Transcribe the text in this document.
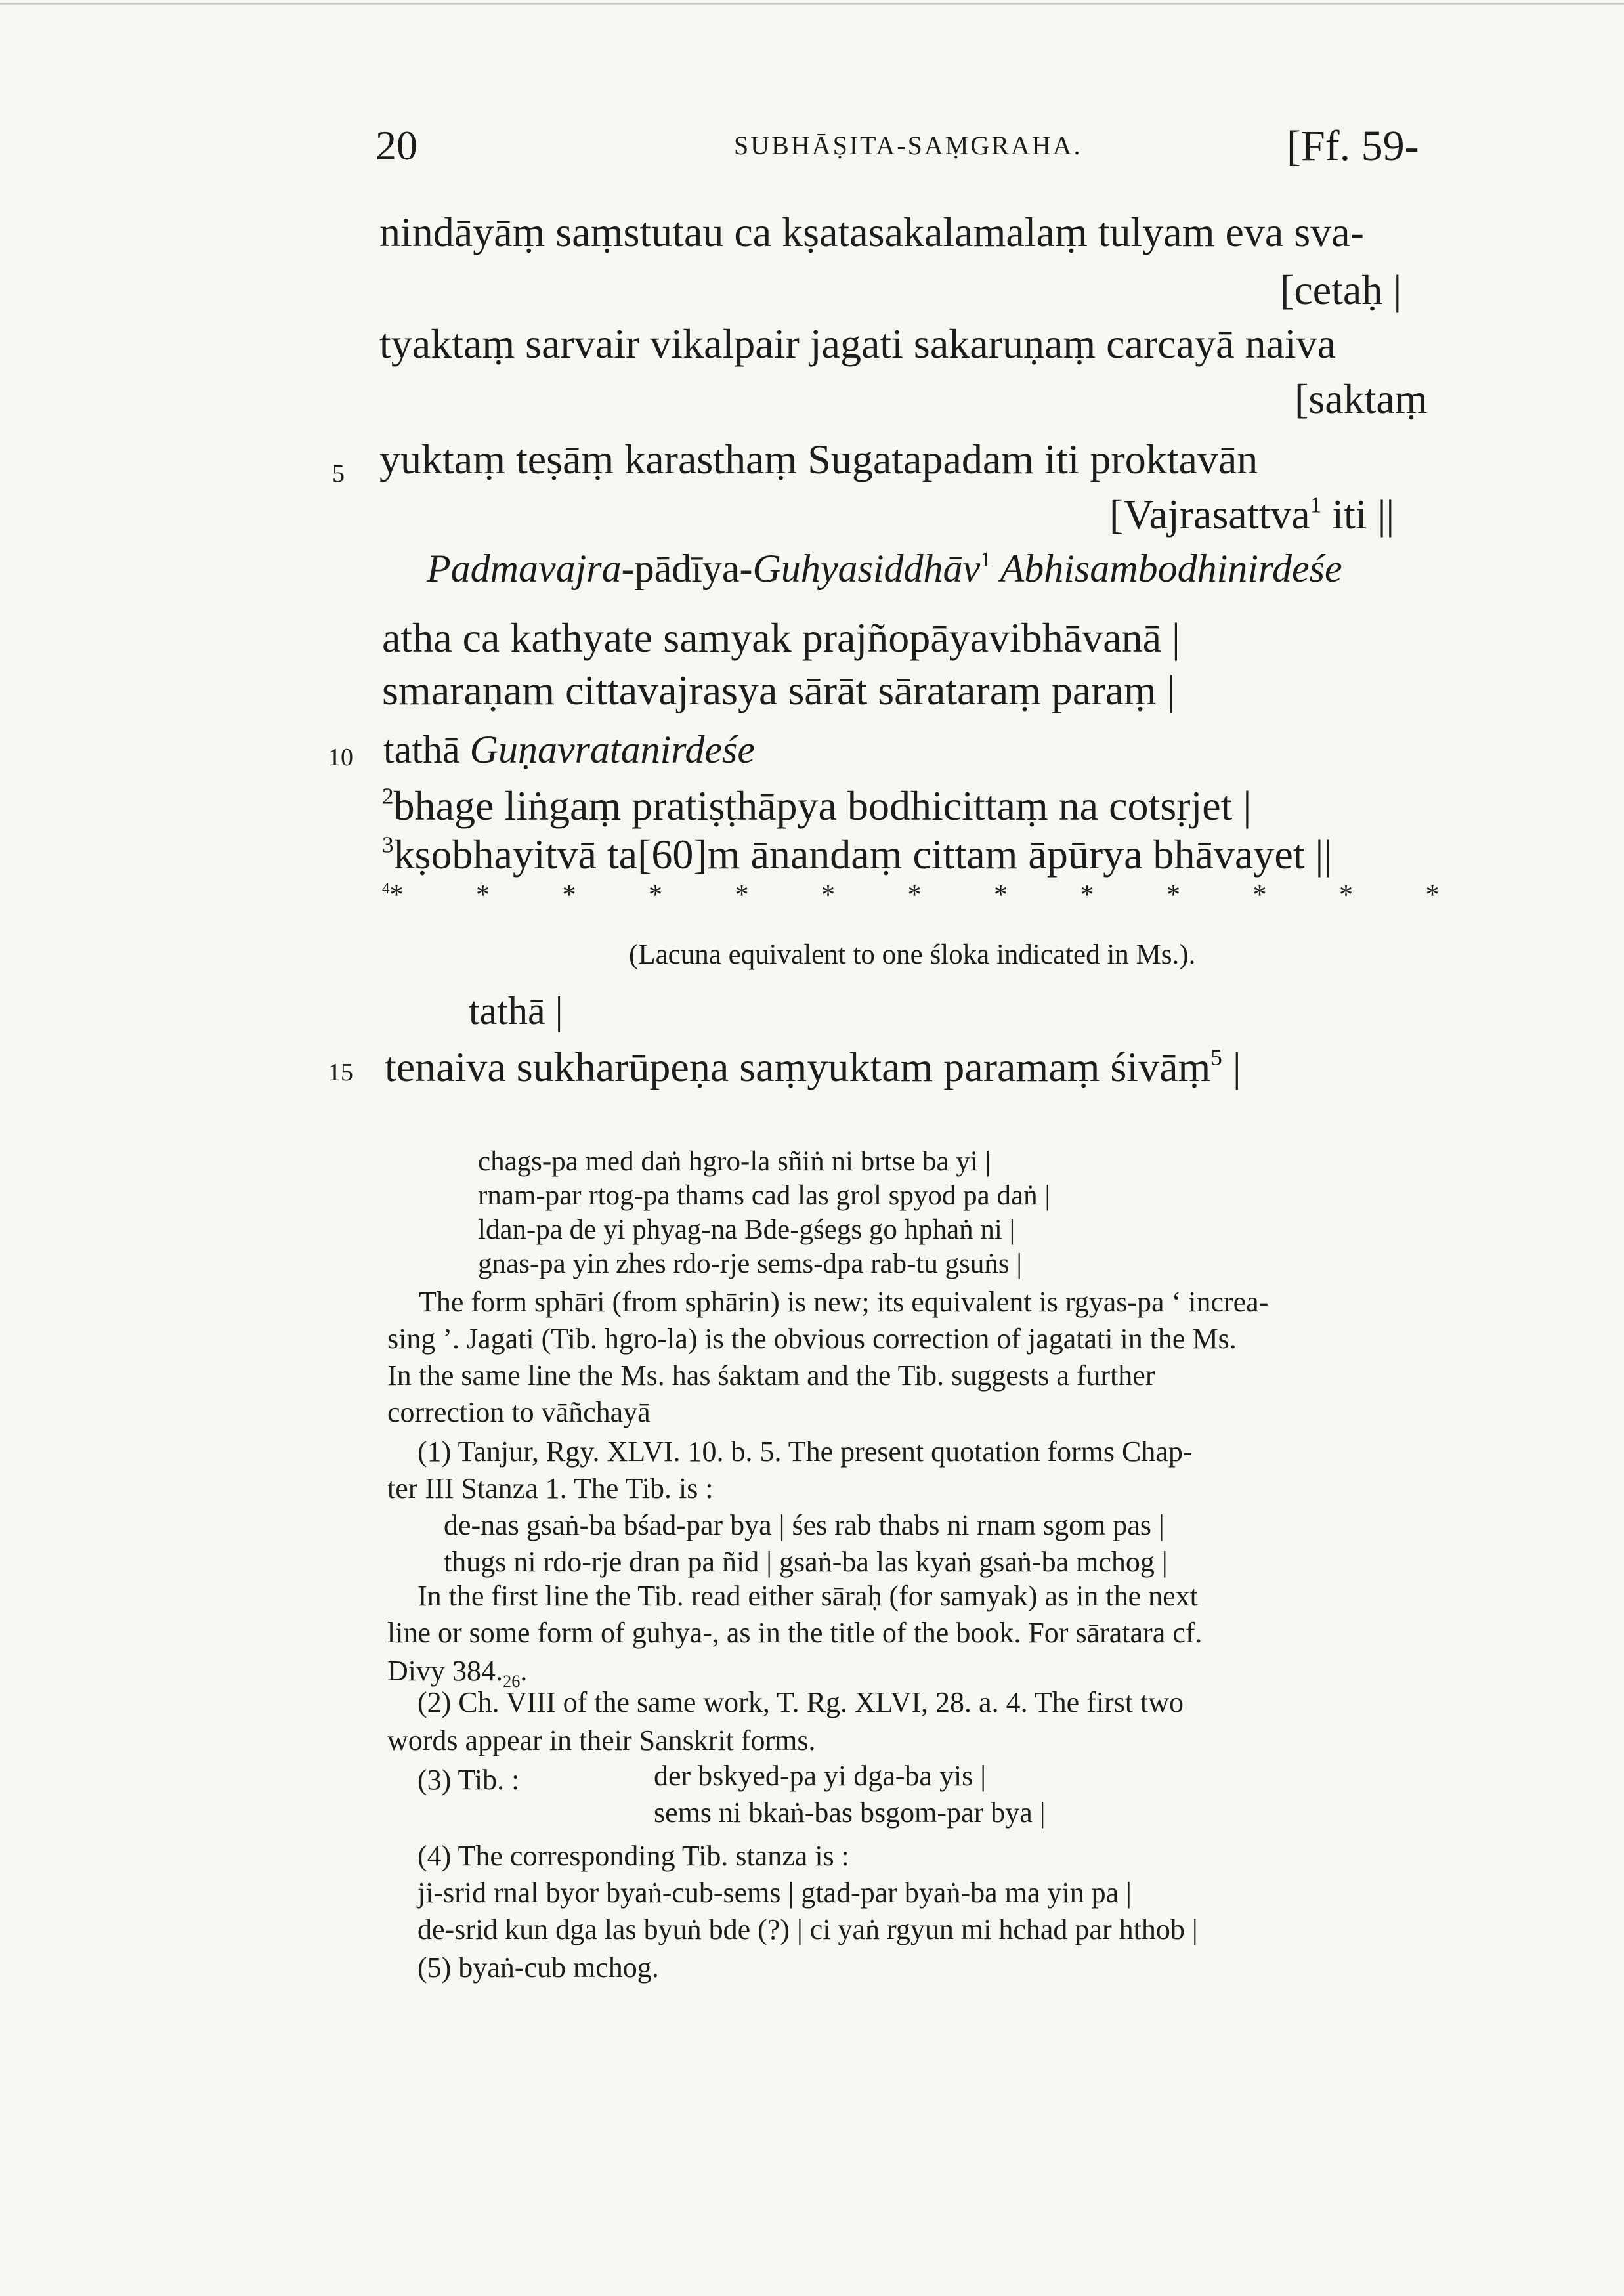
20	SUBHĀṢITA-SAṂGRAHA.	[Ff. 59-
nindāyāṃ saṃstutau ca kṣatasakalamalaṃ tulyam eva sva-
[cetaḥ |
tyaktaṃ sarvair vikalpair jagati sakaruṇaṃ carcayā naiva
[saktaṃ
5 yuktaṃ teṣāṃ karasthaṃ Sugatapadam iti proktavān
[Vajrasattva$^1$ iti ||
Padmavajra-pādīya-Guhyasiddhāv$^1$ Abhisambodhinirdeśe
atha ca kathyate samyak prajñopāyavibhāvanā |
smaraṇam cittavajrasya sārāt sārataraṃ paraṃ |
10 tathā Guṇavratanirdeśe
$^2$bhage liṅgaṃ pratiṣṭhāpya bodhicittaṃ na cotsṛjet |
$^3$kṣobhayitvā ta[60]m ānandaṃ cittam āpūrya bhāvayet ||
$^4$* * * * * * * * * * * * *
(Lacuna equivalent to one śloka indicated in Ms.).
tathā |
15 tenaiva sukharūpeṇa saṃyuktam paramaṃ śivāṃ$^5$ |
chags-pa med daṅ hgro-la sñiṅ ni brtse ba yi |
rnam-par rtog-pa thams cad las grol spyod pa daṅ |
ldan-pa de yi phyag-na Bde-gśegs go hphaṅ ni |
gnas-pa yin zhes rdo-rje sems-dpa rab-tu gsuṅs |
The form sphāri (from sphārin) is new; its equivalent is rgyas-pa ‘ increa-
sing ’. Jagati (Tib. hgro-la) is the obvious correction of jagatati in the Ms.
In the same line the Ms. has śaktam and the Tib. suggests a further
correction to vāñchayā
(1) Tanjur, Rgy. XLVI. 10. b. 5. The present quotation forms Chap-
ter III Stanza 1. The Tib. is :
de-nas gsaṅ-ba bśad-par bya | śes rab thabs ni rnam sgom pas |
thugs ni rdo-rje dran pa ñid | gsaṅ-ba las kyaṅ gsaṅ-ba mchog |
In the first line the Tib. read either sāraḥ (for samyak) as in the next
line or some form of guhya-, as in the title of the book. For sāratara cf.
Divy $384._{26}$.
(2) Ch. VIII of the same work, T. Rg. XLVI, 28. a. 4. The first two
words appear in their Sanskrit forms.
(3) Tib. :	der bskyed-pa yi dga-ba yis |
sems ni bkaṅ-bas bsgom-par bya |
(4) The corresponding Tib. stanza is :
ji-srid rnal byor byaṅ-cub-sems | gtad-par byaṅ-ba ma yin pa |
de-srid kun dga las byuṅ bde (?) | ci yaṅ rgyun mi hchad par hthob |
(5) byaṅ-cub mchog.
